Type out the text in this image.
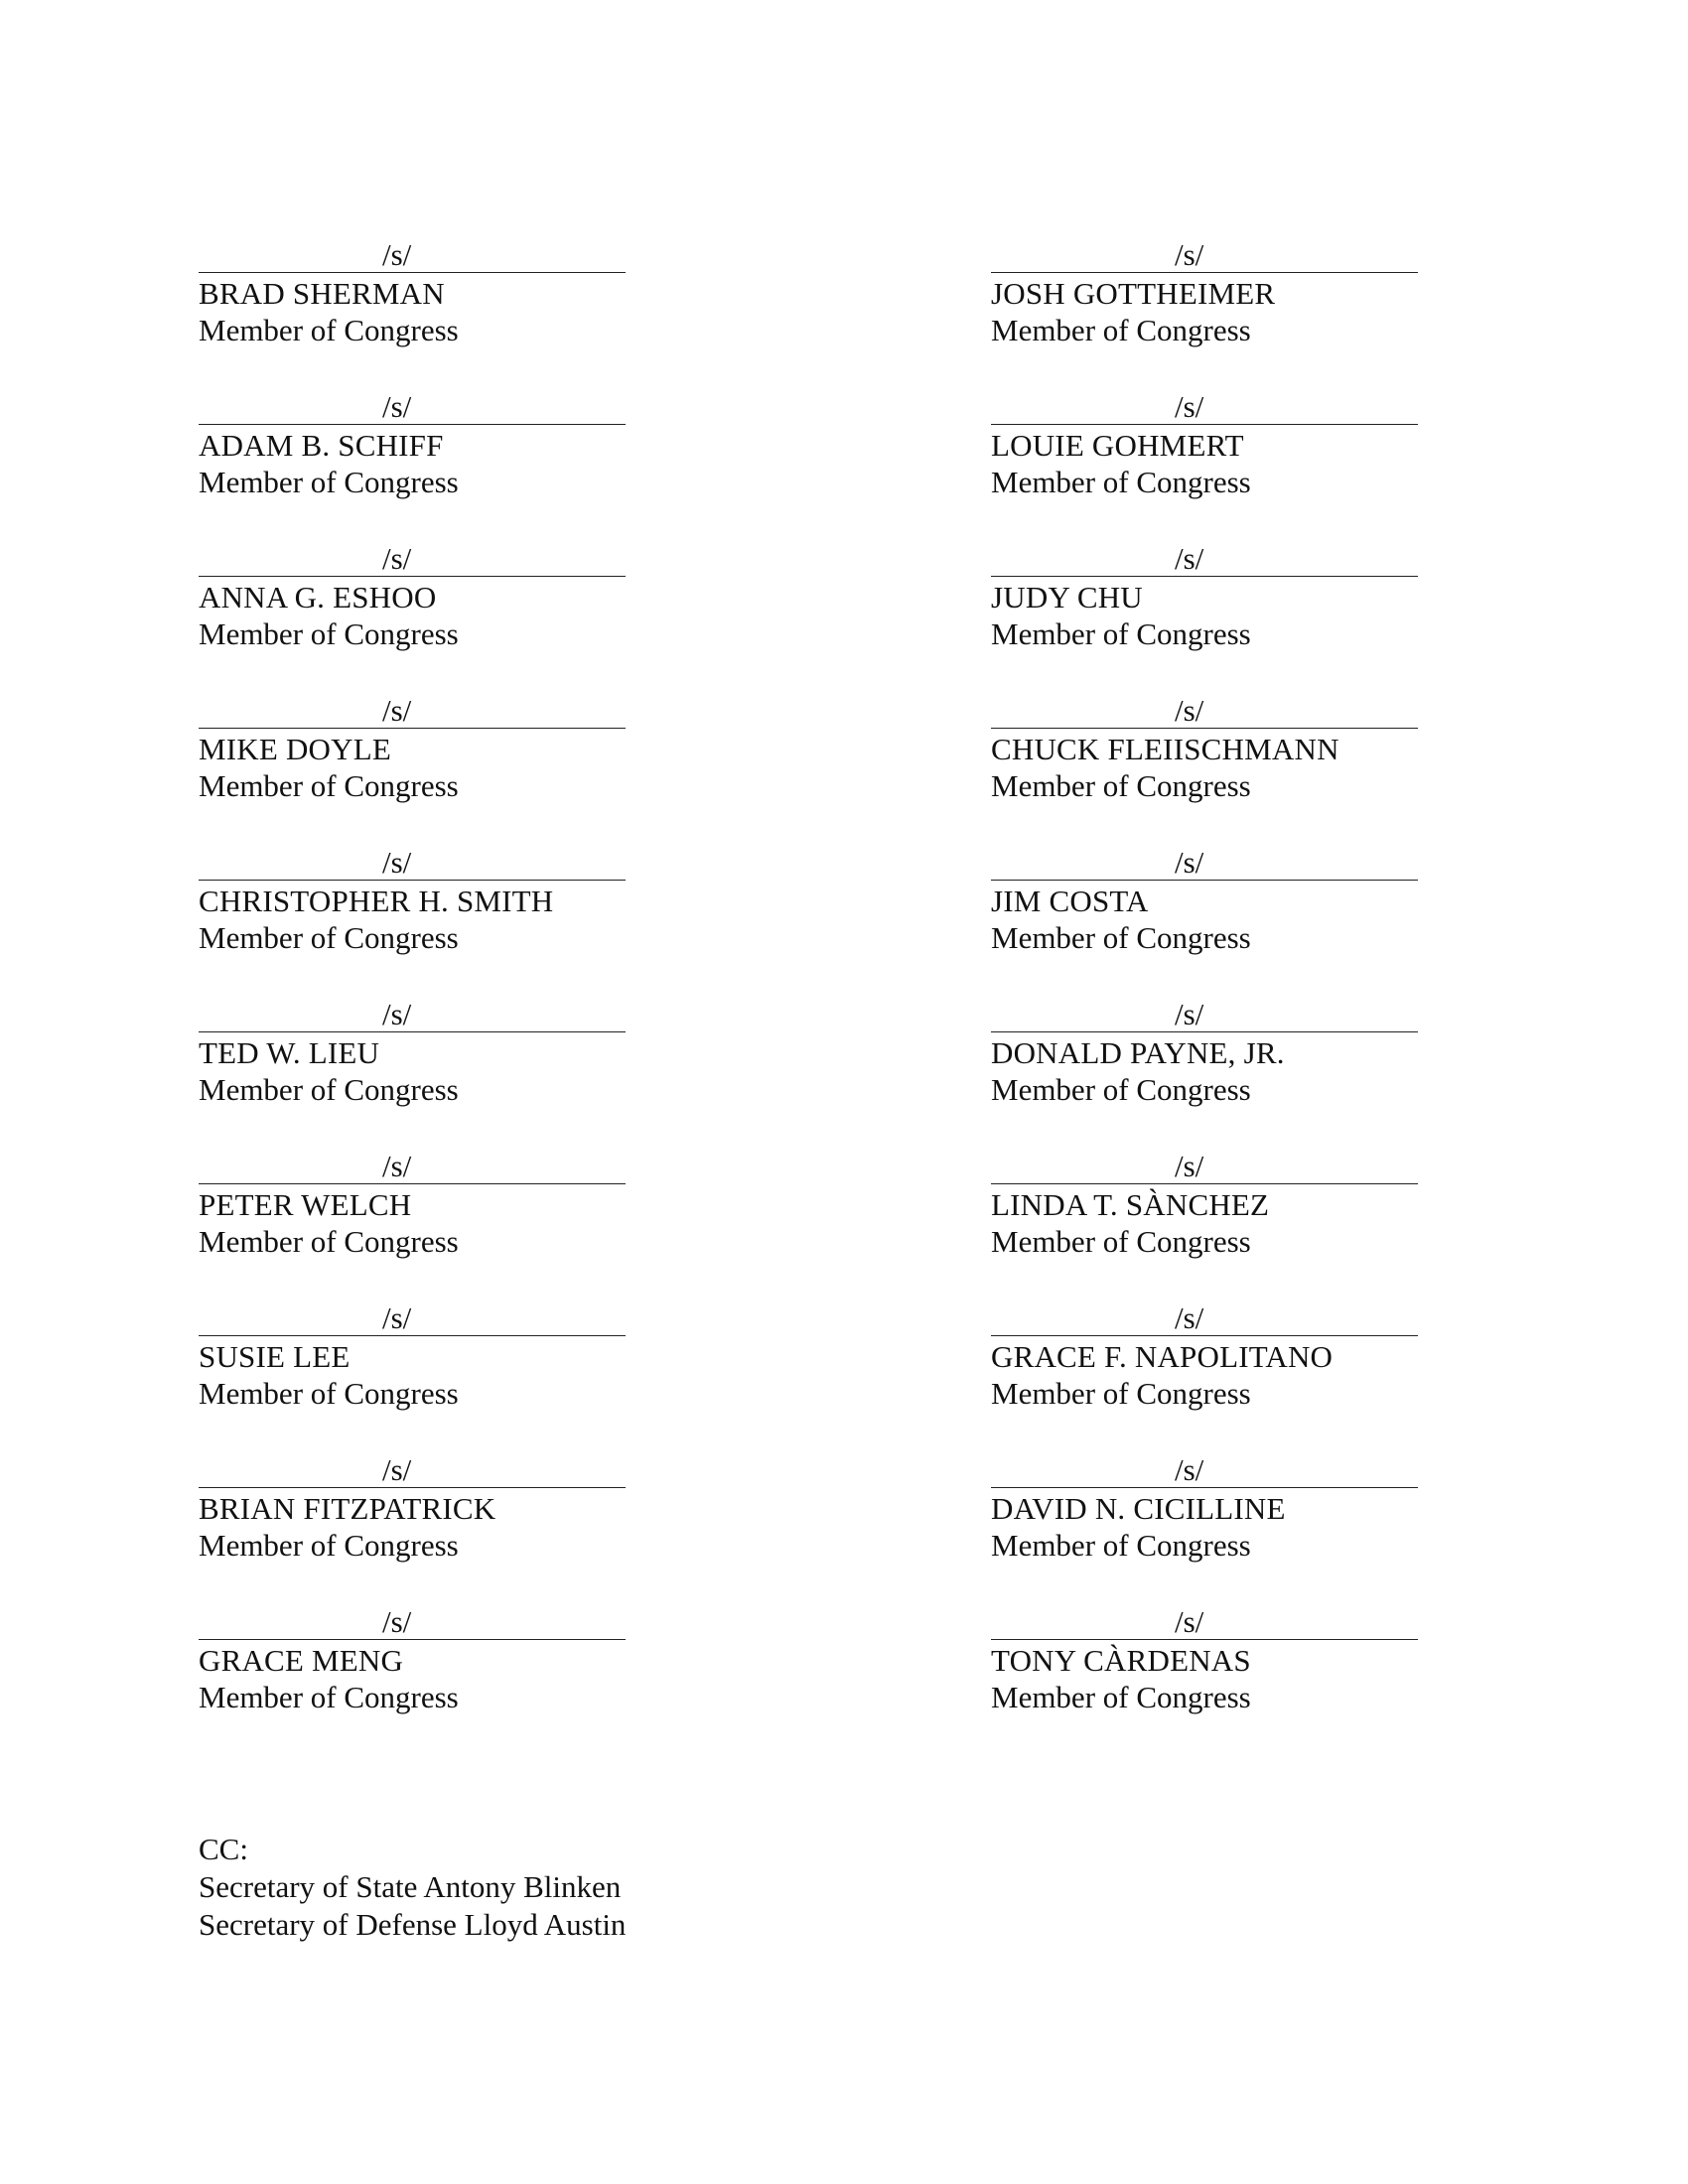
/s/
BRAD SHERMAN
Member of Congress
/s/
ADAM B. SCHIFF
Member of Congress
/s/
ANNA G. ESHOO
Member of Congress
/s/
MIKE DOYLE
Member of Congress
/s/
CHRISTOPHER H. SMITH
Member of Congress
/s/
TED W. LIEU
Member of Congress
/s/
PETER WELCH
Member of Congress
/s/
SUSIE LEE
Member of Congress
/s/
BRIAN FITZPATRICK
Member of Congress
/s/
GRACE MENG
Member of Congress
/s/
JOSH GOTTHEIMER
Member of Congress
/s/
LOUIE GOHMERT
Member of Congress
/s/
JUDY CHU
Member of Congress
/s/
CHUCK FLEIISCHMANN
Member of Congress
/s/
JIM COSTA
Member of Congress
/s/
DONALD PAYNE, JR.
Member of Congress
/s/
LINDA T. SÀNCHEZ
Member of Congress
/s/
GRACE F. NAPOLITANO
Member of Congress
/s/
DAVID N. CICILLINE
Member of Congress
/s/
TONY CÀRDENAS
Member of Congress
CC:
Secretary of State Antony Blinken
Secretary of Defense Lloyd Austin
